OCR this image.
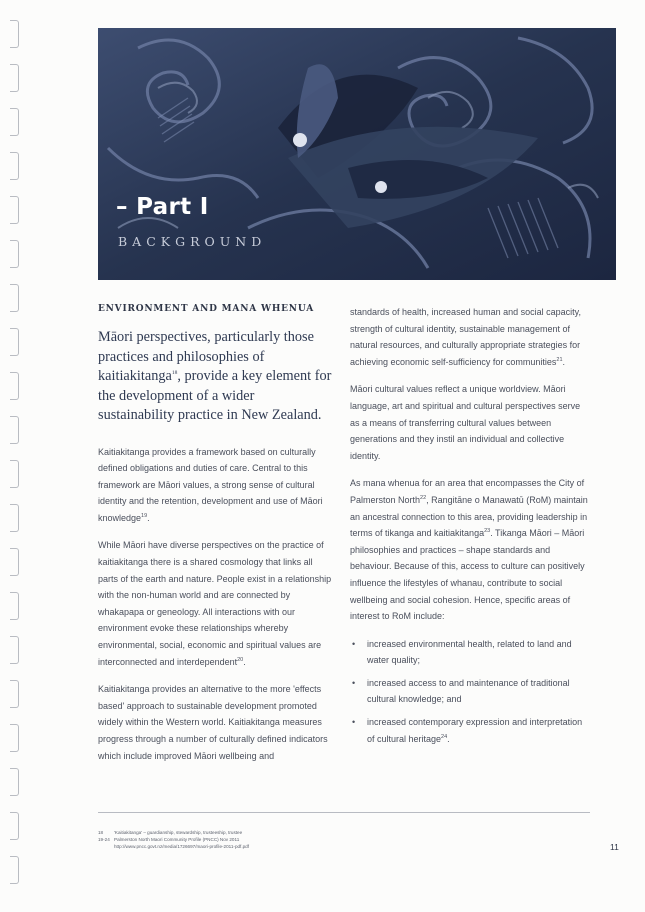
– Part I
BACKGROUND
ENVIRONMENT AND MANA WHENUA

Māori perspectives, particularly those practices and philosophies of kaitiakitanga$^{18}$, provide a key element for the development of a wider sustainability practice in New Zealand.

Kaitiakitanga provides a framework based on culturally defined obligations and duties of care. Central to this framework are Māori values, a strong sense of cultural identity and the retention, development and use of Māori knowledge$^{19}$.

While Māori have diverse perspectives on the practice of kaitiakitanga there is a shared cosmology that links all parts of the earth and nature. People exist in a relationship with the non-human world and are connected by whakapapa or geneology. All interactions with our environment evoke these relationships whereby environmental, social, economic and spiritual values are interconnected and interdependent$^{20}$.

Kaitiakitanga provides an alternative to the more 'effects based' approach to sustainable development promoted widely within the Western world. Kaitiakitanga measures progress through a number of culturally defined indicators which include improved Māori wellbeing and

standards of health, increased human and social capacity, strength of cultural identity, sustainable management of natural resources, and culturally appropriate strategies for achieving economic self-sufficiency for communities$^{21}$.

Māori cultural values reflect a unique worldview. Māori language, art and spiritual and cultural perspectives serve as a means of transferring cultural values between generations and they instil an individual and collective identity.

As mana whenua for an area that encompasses the City of Palmerston North$^{22}$, Rangitāne o Manawatū (RoM) maintain an ancestral connection to this area, providing leadership in terms of tikanga and kaitiakitanga$^{23}$. Tikanga Māori – Māori philosophies and practices – shape standards and behaviour. Because of this, access to culture can positively influence the lifestyles of whanau, contribute to social wellbeing and social cohesion. Hence, specific areas of interest to RoM include:

• increased environmental health, related to land and water quality;
• increased access to and maintenance of traditional cultural knowledge; and
• increased contemporary expression and interpretation of cultural heritage$^{24}$.
18	'Kaitiakitanga' – guardianship, stewardship, trusteeship, trustee
19-24 Palmerston North Maori Community Profile (PNCC) Nov 2011
http://www.pncc.govt.nz/media/1726697/maori-profile-2011-pdf.pdf	11
